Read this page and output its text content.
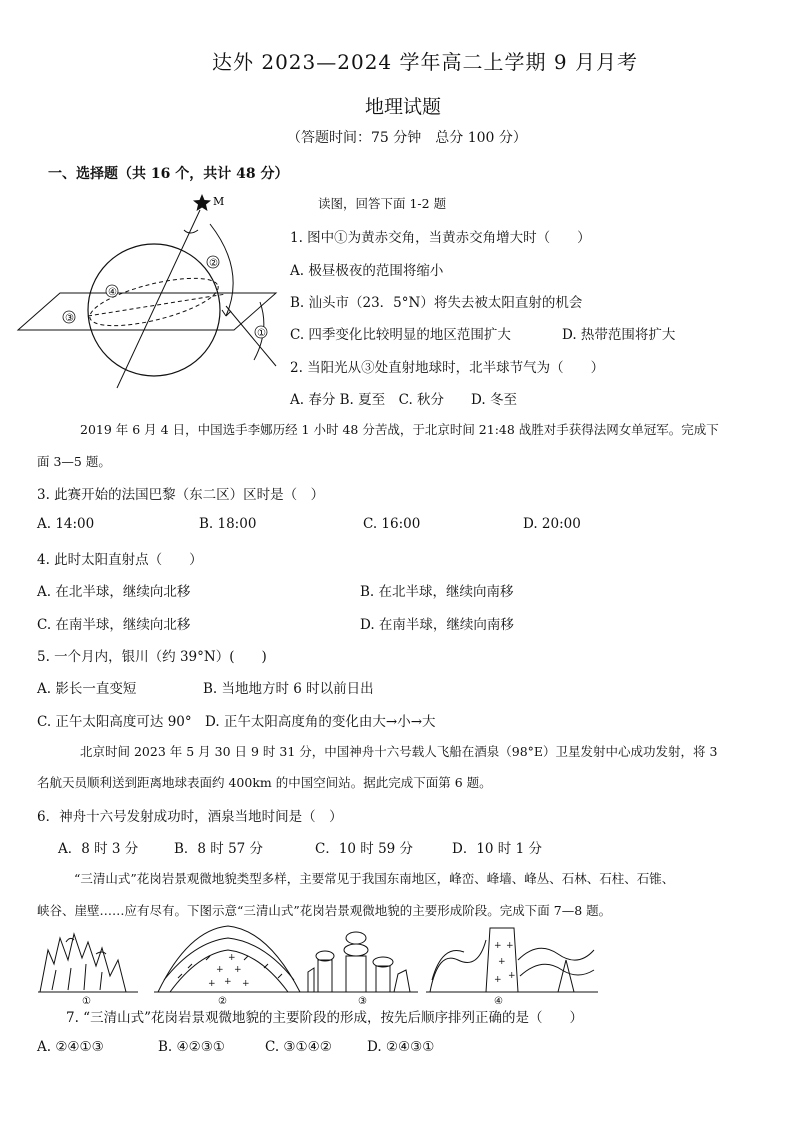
达外 2023—2024 学年高二上学期 9 月月考
地理试题
（答题时间：75 分钟　总分 100 分）
一、选择题（共 16 个，共计 48 分）
M
②
④
③
①
读图，回答下面 1-2 题
1. 图中①为黄赤交角，当黄赤交角增大时（　　）
A. 极昼极夜的范围将缩小
B. 汕头市（23．5°N）将失去被太阳直射的机会
C. 四季变化比较明显的地区范围扩大	D. 热带范围将扩大
2. 当阳光从③处直射地球时，北半球节气为（　　）
A. 春分 B. 夏至　C. 秋分　　D. 冬至
2019 年 6 月 4 日，中国选手李娜历经 1 小时 48 分苦战，于北京时间 21:48 战胜对手获得法网女单冠军。完成下
面 3—5 题。
3. 此赛开始的法国巴黎（东二区）区时是（　）
A. 14:00	B. 18:00	C. 16:00	D. 20:00
4. 此时太阳直射点（　　）
A. 在北半球，继续向北移	B. 在北半球，继续向南移
C. 在南半球，继续向北移	D. 在南半球，继续向南移
5. 一个月内，银川（约 39°N）(　　)
A. 影长一直变短	B. 当地地方时 6 时以前日出
C. 正午太阳高度可达 90° D. 正午太阳高度角的变化由大→小→大
北京时间 2023 年 5 月 30 日 9 时 31 分，中国神舟十六号载人飞船在酒泉（98°E）卫星发射中心成功发射，将 3
名航天员顺利送到距离地球表面约 400km 的中国空间站。据此完成下面第 6 题。
6．神舟十六号发射成功时，酒泉当地时间是（　）
A．8 时 3 分	B．8 时 57 分	C．10 时 59 分	D．10 时 1 分
“三清山式”花岗岩景观微地貌类型多样，主要常见于我国东南地区，峰峦、峰墙、峰丛、石林、石柱、石锥、
峡谷、崖壁……应有尽有。下图示意“三清山式”花岗岩景观微地貌的主要形成阶段。完成下面 7—8 题。
+ +
+
+	+
+
+ +
+
+
+
①	②	③	④
7. “三清山式”花岗岩景观微地貌的主要阶段的形成，按先后顺序排列正确的是（　　）
A. ②④①③	B. ④②③①	C. ③①④②	D. ②④③①
